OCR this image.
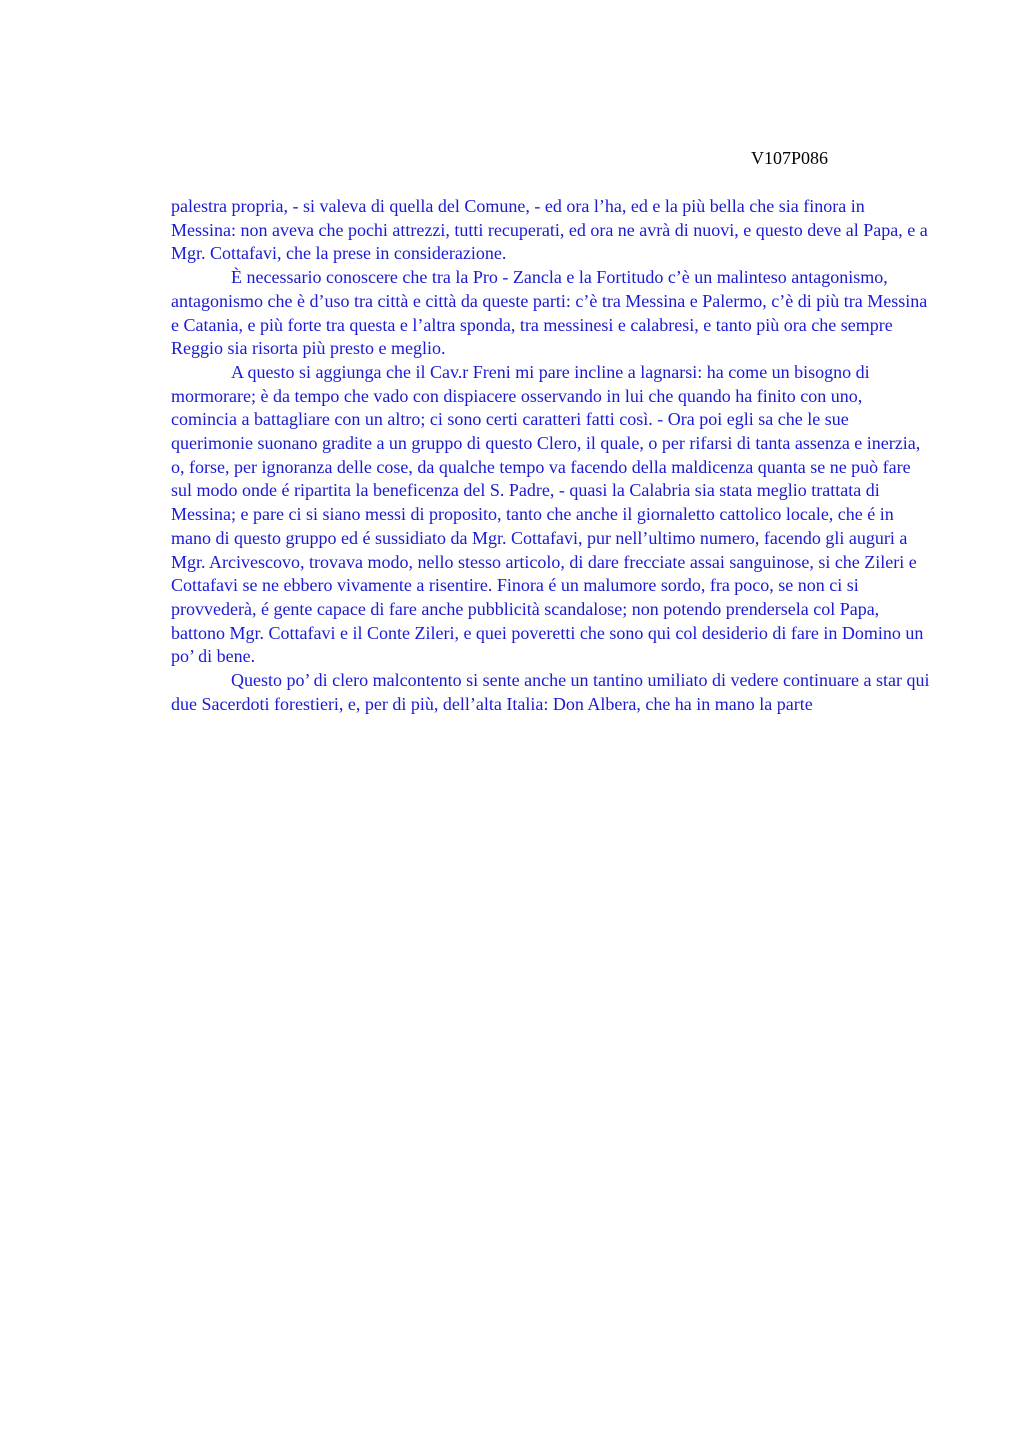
V107P086

palestra propria, - si valeva di quella del Comune, - ed ora l’ha, ed e la più bella che sia finora in Messina: non aveva che pochi attrezzi, tutti recuperati, ed ora ne avrà di nuovi, e questo deve al Papa, e a Mgr. Cottafavi, che la prese in considerazione.

È necessario conoscere che tra la Pro - Zancla e la Fortitudo c’è un malinteso antagonismo, antagonismo che è d’uso tra città e città da queste parti: c’è tra Messina e Palermo, c’è di più tra Messina e Catania, e più forte tra questa e l’altra sponda, tra messinesi e calabresi, e tanto più ora che sempre Reggio sia risorta più presto e meglio.

A questo si aggiunga che il Cav.r Freni mi pare incline a lagnarsi: ha come un bisogno di mormorare; è da tempo che vado con dispiacere osservando in lui che quando ha finito con uno, comincia a battagliare con un altro; ci sono certi caratteri fatti così. - Ora poi egli sa che le sue querimonie suonano gradite a un gruppo di questo Clero, il quale, o per rifarsi di tanta assenza e inerzia, o, forse, per ignoranza delle cose, da qualche tempo va facendo della maldicenza quanta se ne può fare sul modo onde é ripartita la beneficenza del S. Padre, - quasi la Calabria sia stata meglio trattata di Messina; e pare ci si siano messi di proposito, tanto che anche il giornaletto cattolico locale, che é in mano di questo gruppo ed é sussidiato da Mgr. Cottafavi, pur nell’ultimo numero, facendo gli auguri a Mgr. Arcivescovo, trovava modo, nello stesso articolo, di dare frecciate assai sanguinose, si che Zileri e Cottafavi se ne ebbero vivamente a risentire. Finora é un malumore sordo, fra poco, se non ci si provvederà, é gente capace di fare anche pubblicità scandalose; non potendo prendersela col Papa, battono Mgr. Cottafavi e il Conte Zileri, e quei poveretti che sono qui col desiderio di fare in Domino un po’ di bene.

Questo po’ di clero malcontento si sente anche un tantino umiliato di vedere continuare a star qui due Sacerdoti forestieri, e, per di più, dell’alta Italia: Don Albera, che ha in mano la parte
